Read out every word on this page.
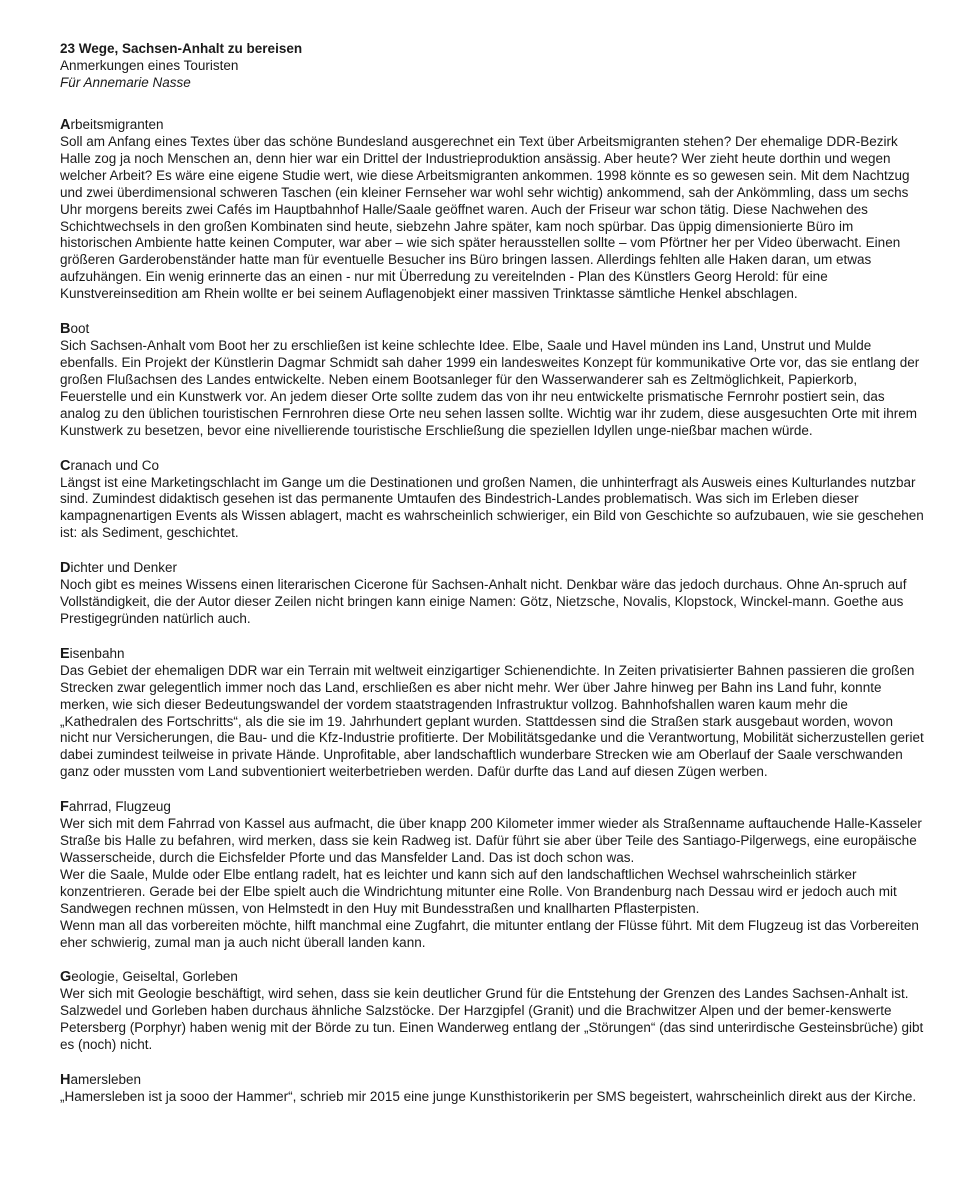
23 Wege, Sachsen-Anhalt zu bereisen
Anmerkungen eines Touristen
Für Annemarie Nasse
Arbeitsmigranten

Soll am Anfang eines Textes über das schöne Bundesland ausgerechnet ein Text über Arbeitsmigranten stehen? Der ehemalige DDR-Bezirk Halle zog ja noch Menschen an, denn hier war ein Drittel der Industrieproduktion ansässig. Aber heute? Wer zieht heute dorthin und wegen welcher Arbeit? Es wäre eine eigene Studie wert, wie diese Arbeitsmigranten ankommen. 1998 könnte es so gewesen sein. Mit dem Nachtzug und zwei überdimensional schweren Taschen (ein kleiner Fernseher war wohl sehr wichtig) ankommend, sah der Ankömmling, dass um sechs Uhr morgens bereits zwei Cafés im Hauptbahnhof Halle/Saale geöffnet waren. Auch der Friseur war schon tätig. Diese Nachwehen des Schichtwechsels in den großen Kombinaten sind heute, siebzehn Jahre später, kam noch spürbar. Das üppig dimensionierte Büro im historischen Ambiente hatte keinen Computer, war aber – wie sich später herausstellen sollte – vom Pförtner her per Video überwacht. Einen größeren Garderobenständer hatte man für eventuelle Besucher ins Büro bringen lassen. Allerdings fehlten alle Haken daran, um etwas aufzuhängen. Ein wenig erinnerte das an einen - nur mit Überredung zu vereitelnden - Plan des Künstlers Georg Herold: für eine Kunstvereinsedition am Rhein wollte er bei seinem Auflagenobjekt einer massiven Trinktasse sämtliche Henkel abschlagen.

Boot

Sich Sachsen-Anhalt vom Boot her zu erschließen ist keine schlechte Idee. Elbe, Saale und Havel münden ins Land, Unstrut und Mulde ebenfalls. Ein Projekt der Künstlerin Dagmar Schmidt sah daher 1999 ein landesweites Konzept für kommunikative Orte vor, das sie entlang der großen Flußachsen des Landes entwickelte. Neben einem Bootsanleger für den Wasserwanderer sah es Zeltmöglichkeit, Papierkorb, Feuerstelle und ein Kunstwerk vor. An jedem dieser Orte sollte zudem das von ihr neu entwickelte prismatische Fernrohr postiert sein, das analog zu den üblichen touristischen Fernrohren diese Orte neu sehen lassen sollte. Wichtig war ihr zudem, diese ausgesuchten Orte mit ihrem Kunstwerk zu besetzen, bevor eine nivellierende touristische Erschließung die speziellen Idyllen unge-nießbar machen würde.

Cranach und Co

Längst ist eine Marketingschlacht im Gange um die Destinationen und großen Namen, die unhinterfragt als Ausweis eines Kulturlandes nutzbar sind. Zumindest didaktisch gesehen ist das permanente Umtaufen des Bindestrich-Landes problematisch. Was sich im Erleben dieser kampagnenartigen Events als Wissen ablagert, macht es wahrscheinlich schwieriger, ein Bild von Geschichte so aufzubauen, wie sie geschehen ist: als Sediment, geschichtet.

Dichter und Denker

Noch gibt es meines Wissens einen literarischen Cicerone für Sachsen-Anhalt nicht. Denkbar wäre das jedoch durchaus. Ohne An-spruch auf Vollständigkeit, die der Autor dieser Zeilen nicht bringen kann einige Namen: Götz, Nietzsche, Novalis, Klopstock, Winckel-mann. Goethe aus Prestigegründen natürlich auch.

Eisenbahn

Das Gebiet der ehemaligen DDR war ein Terrain mit weltweit einzigartiger Schienendichte. In Zeiten privatisierter Bahnen passieren die großen Strecken zwar gelegentlich immer noch das Land, erschließen es aber nicht mehr. Wer über Jahre hinweg per Bahn ins Land fuhr, konnte merken, wie sich dieser Bedeutungswandel der vordem staatstragenden Infrastruktur vollzog. Bahnhofshallen waren kaum mehr die „Kathedralen des Fortschritts“, als die sie im 19. Jahrhundert geplant wurden. Stattdessen sind die Straßen stark ausgebaut worden, wovon nicht nur Versicherungen, die Bau- und die Kfz-Industrie profitierte. Der Mobilitätsgedanke und die Verantwortung, Mobilität sicherzustellen geriet dabei zumindest teilweise in private Hände. Unprofitable, aber landschaftlich wunderbare Strecken wie am Oberlauf der Saale verschwanden ganz oder mussten vom Land subventioniert weiterbetrieben werden. Dafür durfte das Land auf diesen Zügen werben.

Fahrrad, Flugzeug

Wer sich mit dem Fahrrad von Kassel aus aufmacht, die über knapp 200 Kilometer immer wieder als Straßenname auftauchende Halle-Kasseler Straße bis Halle zu befahren, wird merken, dass sie kein Radweg ist. Dafür führt sie aber über Teile des Santiago-Pilgerwegs, eine europäische Wasserscheide, durch die Eichsfelder Pforte und das Mansfelder Land. Das ist doch schon was.

Wer die Saale, Mulde oder Elbe entlang radelt, hat es leichter und kann sich auf den landschaftlichen Wechsel wahrscheinlich stärker konzentrieren. Gerade bei der Elbe spielt auch die Windrichtung mitunter eine Rolle. Von Brandenburg nach Dessau wird er jedoch auch mit Sandwegen rechnen müssen, von Helmstedt in den Huy mit Bundesstraßen und knallharten Pflasterpisten.

Wenn man all das vorbereiten möchte, hilft manchmal eine Zugfahrt, die mitunter entlang der Flüsse führt. Mit dem Flugzeug ist das Vorbereiten eher schwierig, zumal man ja auch nicht überall landen kann.

Geologie, Geiseltal, Gorleben

Wer sich mit Geologie beschäftigt, wird sehen, dass sie kein deutlicher Grund für die Entstehung der Grenzen des Landes Sachsen-Anhalt ist. Salzwedel und Gorleben haben durchaus ähnliche Salzstöcke. Der Harzgipfel (Granit) und die Brachwitzer Alpen und der bemer-kenswerte Petersberg (Porphyr) haben wenig mit der Börde zu tun. Einen Wanderweg entlang der „Störungen“ (das sind unterirdische Gesteinsbrüche) gibt es (noch) nicht.

Hamersleben

„Hamersleben ist ja sooo der Hammer“, schrieb mir 2015 eine junge Kunsthistorikerin per SMS begeistert, wahrscheinlich direkt aus der Kirche.
